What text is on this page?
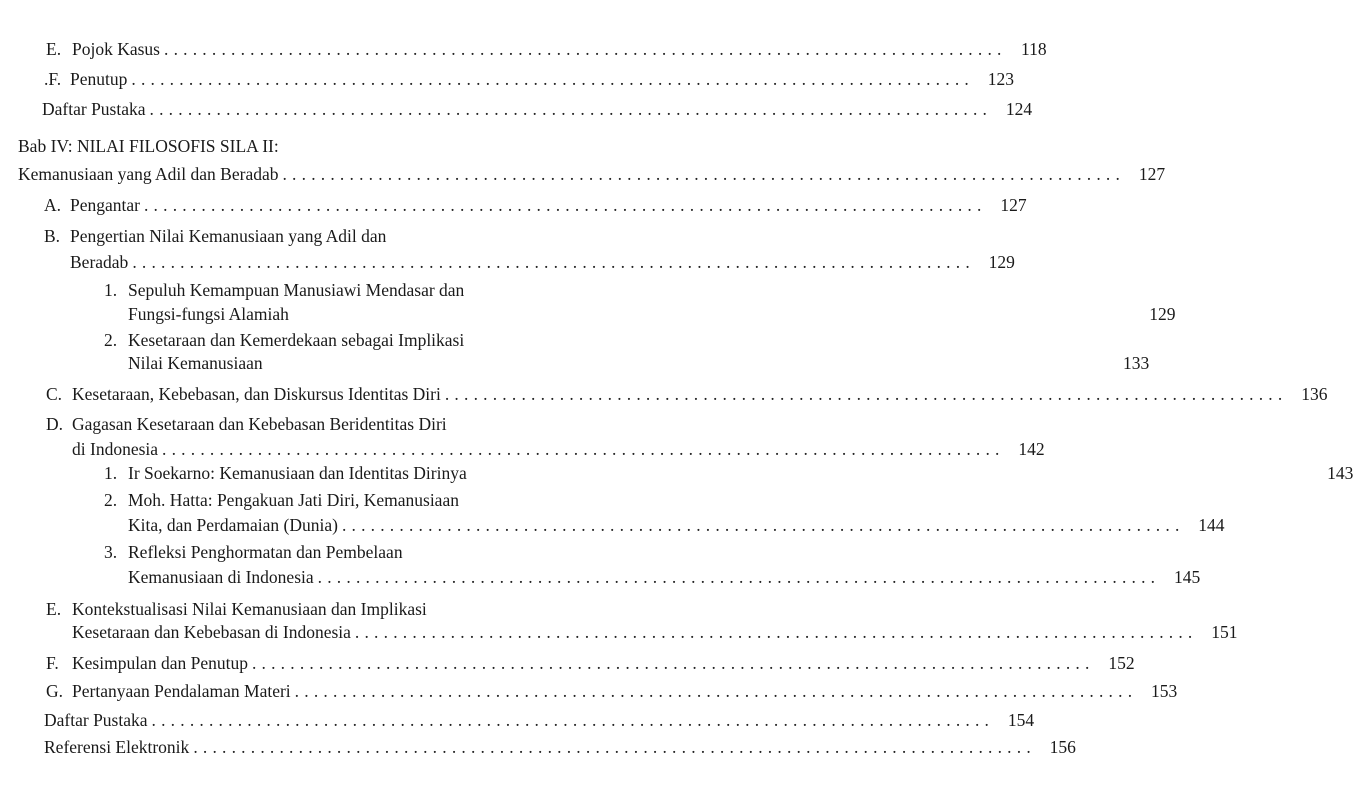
E. Pojok Kasus ........................................................................................ 118
.F. Penutup ........................................................................................ 123
Daftar Pustaka ........................................................................................ 124
Bab IV: NILAI FILOSOFIS SILA II:
Kemanusiaan yang Adil dan Beradab ........................................................................................ 127
A. Pengantar ........................................................................................ 127
B. Pengertian Nilai Kemanusiaan yang Adil dan
Beradab ........................................................................................ 129
1. Sepuluh Kemampuan Manusiawi Mendasar dan
Fungsi-fungsi Alamiah	129
2. Kesetaraan dan Kemerdekaan sebagai Implikasi
Nilai Kemanusiaan	133
C. Kesetaraan, Kebebasan, dan Diskursus Identitas Diri ........................................................................................ 136
D. Gagasan Kesetaraan dan Kebebasan Beridentitas Diri
di Indonesia ........................................................................................ 142
1. Ir Soekarno: Kemanusiaan dan Identitas Dirinya	143
2. Moh. Hatta: Pengakuan Jati Diri, Kemanusiaan
Kita, dan Perdamaian (Dunia) ........................................................................................ 144
3. Refleksi Penghormatan dan Pembelaan
Kemanusiaan di Indonesia ........................................................................................ 145
E. Kontekstualisasi Nilai Kemanusiaan dan Implikasi
Kesetaraan dan Kebebasan di Indonesia ........................................................................................ 151
F. Kesimpulan dan Penutup ........................................................................................ 152
G. Pertanyaan Pendalaman Materi ........................................................................................ 153
Daftar Pustaka ........................................................................................ 154
Referensi Elektronik ........................................................................................ 156
